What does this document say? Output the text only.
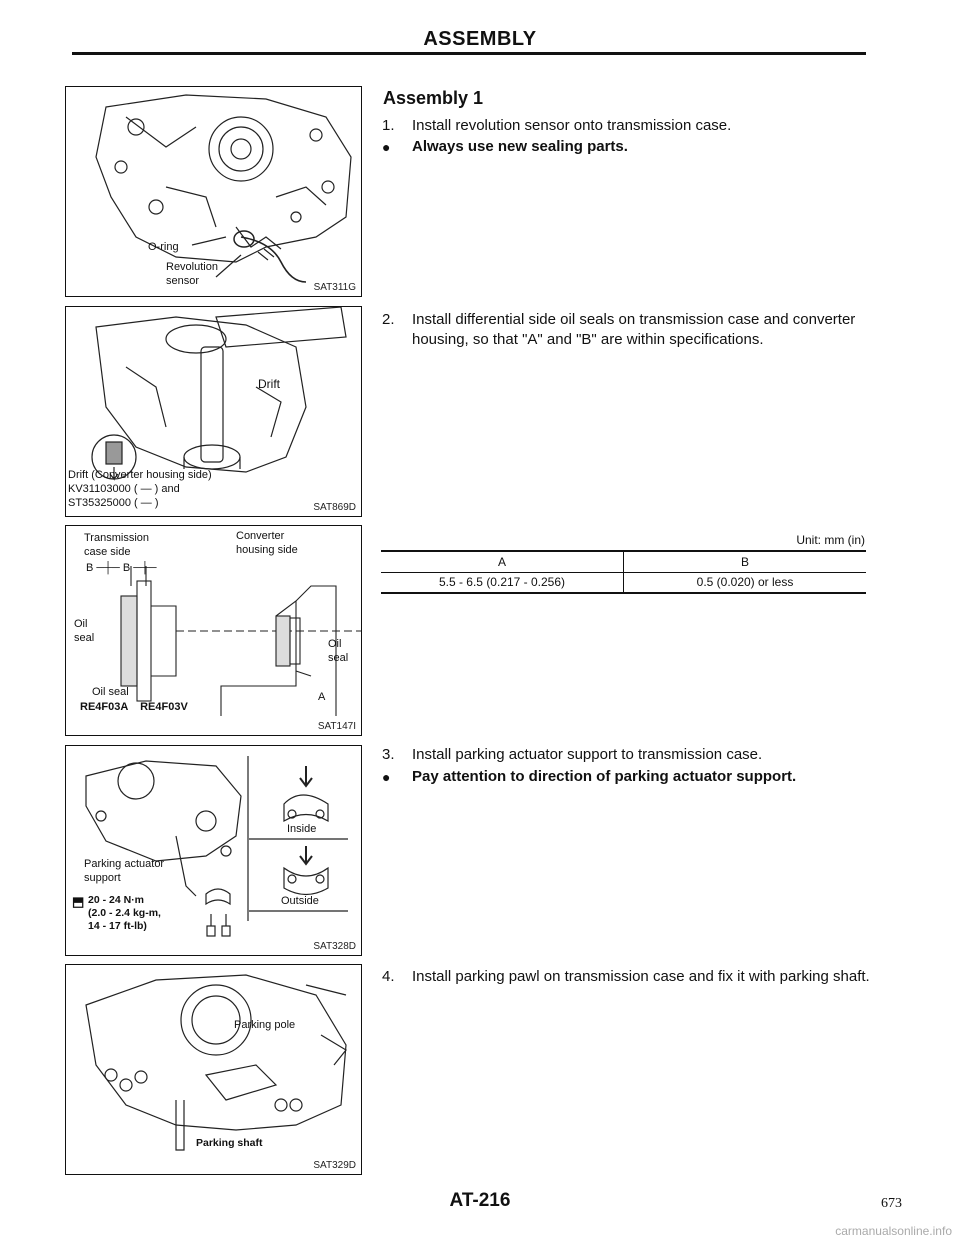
ASSEMBLY
O-ring
Revolution
sensor
SAT311G
Drift
Drift (Converter housing side)
KV31103000 ( — ) and
ST35325000 ( — )	SAT869D
Transmission
case side
Converter
housing side
B ─┼─ B ─┼─
Oil
seal
Oil
seal
Oil seal
RE4F03A    RE4F03V
A
SAT147I
Inside
Outside
Parking actuator
support
20 - 24 N·m
(2.0 - 2.4 kg-m,
14 - 17 ft-lb)
⬒
SAT328D
Parking pole
Parking shaft
SAT329D
Assembly 1
1.	Install revolution sensor onto transmission case.
●	Always use new sealing parts.
2.	Install differential side oil seals on transmission case and converter housing, so that "A" and "B" are within specifications.
Unit: mm (in)
A	B
5.5 - 6.5 (0.217 - 0.256)	0.5 (0.020) or less
3.	Install parking actuator support to transmission case.
●	Pay attention to direction of parking actuator support.
4.	Install parking pawl on transmission case and fix it with parking shaft.
AT-216	673
carmanualsonline.info
